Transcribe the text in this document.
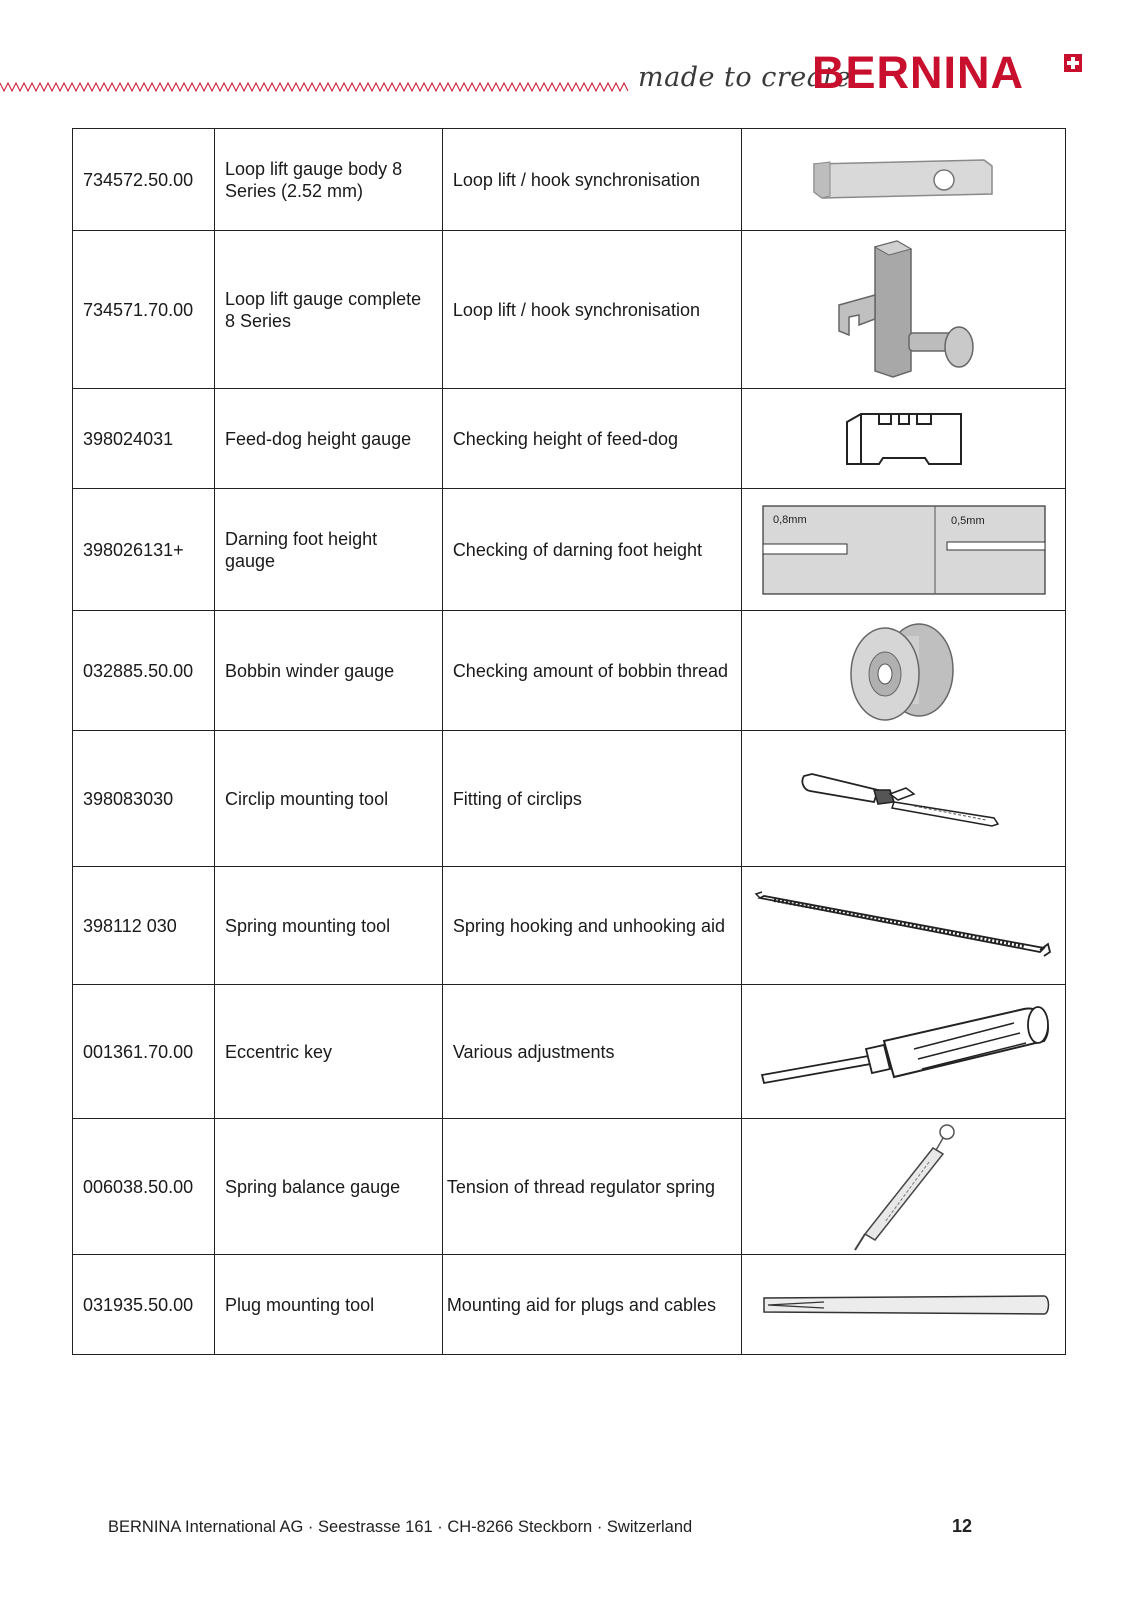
made to create
BERNINA
734572.50.00	Loop lift gauge body 8 Series (2.52 mm)	Loop lift / hook synchronisation	

734571.70.00	Loop lift gauge complete 8 Series	Loop lift / hook synchronisation	

398024031	Feed-dog height gauge	Checking height of feed-dog	

398026131+	Darning foot height gauge	Checking of darning foot height	0,8mm 0,5mm

032885.50.00	Bobbin winder gauge	Checking amount of bobbin thread	

398083030	Circlip mounting tool	Fitting of circlips	

398112 030	Spring mounting tool	Spring hooking and unhooking aid	

001361.70.00	Eccentric key	Various adjustments	

006038.50.00	Spring balance gauge	Tension of thread regulator spring	

031935.50.00	Plug mounting tool	Mounting aid for plugs and cables	
BERNINA International AG · Seestrasse 161 · CH-8266 Steckborn · Switzerland	12
